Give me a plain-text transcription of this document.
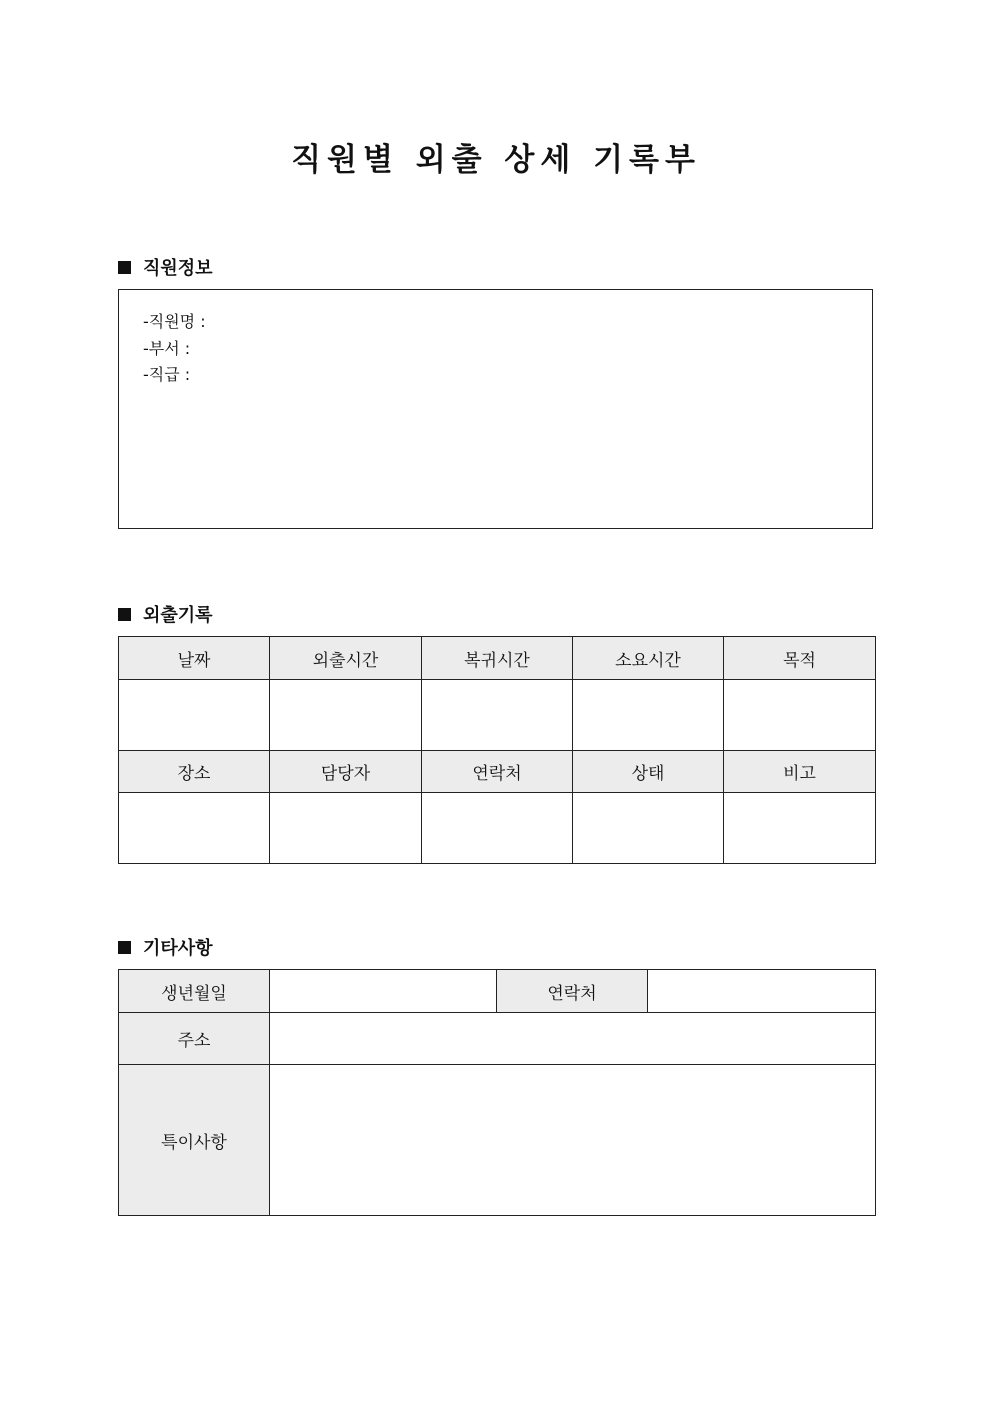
직원별 외출 상세 기록부
직원정보

-직원명 :

-부서 :

-직급 :

외출기록
날짜	외출시간	복귀시간	소요시간	목적

장소	담당자	연락처	상태	비고

기타사항
생년월일		연락처	
주소			
특이사항			
